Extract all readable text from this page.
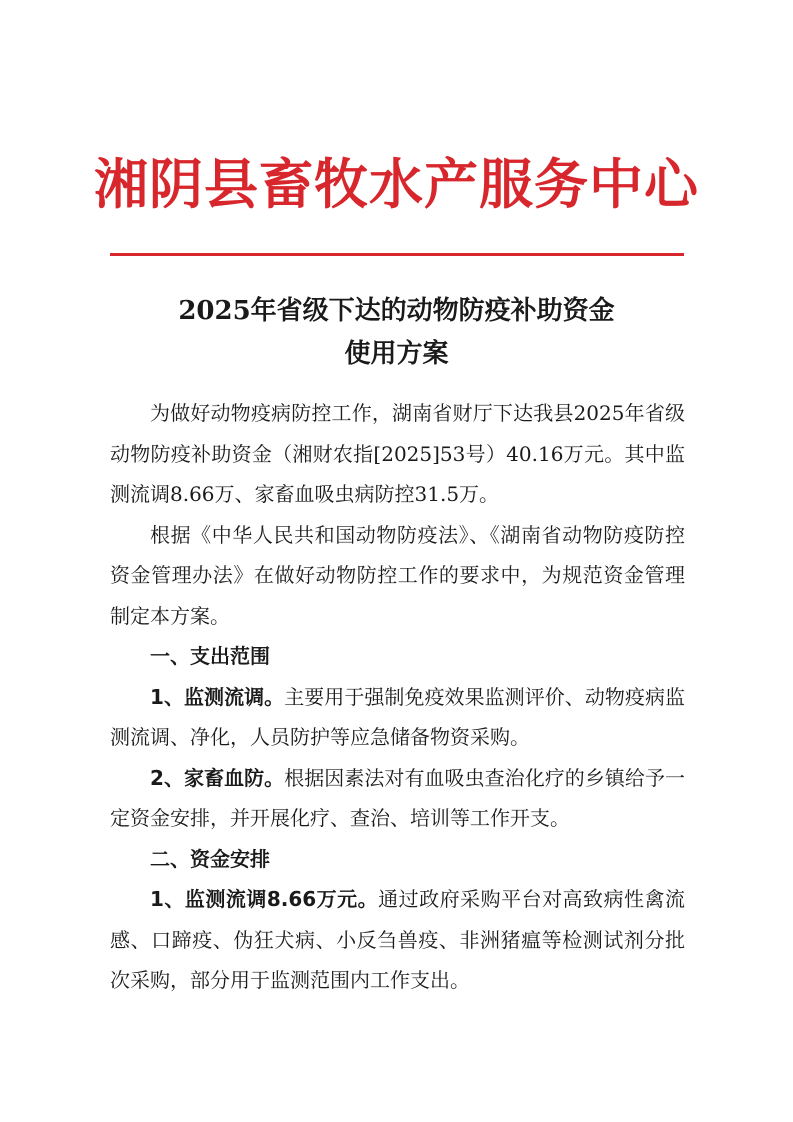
湘阴县畜牧水产服务中心
2025年省级下达的动物防疫补助资金
使用方案

为做好动物疫病防控工作，湖南省财厅下达我县2025年省级动物防疫补助资金（湘财农指[2025]53号）40.16万元。其中监测流调8.66万、家畜血吸虫病防控31.5万。

根据《中华人民共和国动物防疫法》、《湖南省动物防疫防控资金管理办法》在做好动物防控工作的要求中，为规范资金管理制定本方案。

一、支出范围

1、监测流调。主要用于强制免疫效果监测评价、动物疫病监测流调、净化，人员防护等应急储备物资采购。

2、家畜血防。根据因素法对有血吸虫查治化疗的乡镇给予一定资金安排，并开展化疗、查治、培训等工作开支。

二、资金安排

1、监测流调8.66万元。通过政府采购平台对高致病性禽流感、口蹄疫、伪狂犬病、小反刍兽疫、非洲猪瘟等检测试剂分批次采购，部分用于监测范围内工作支出。
